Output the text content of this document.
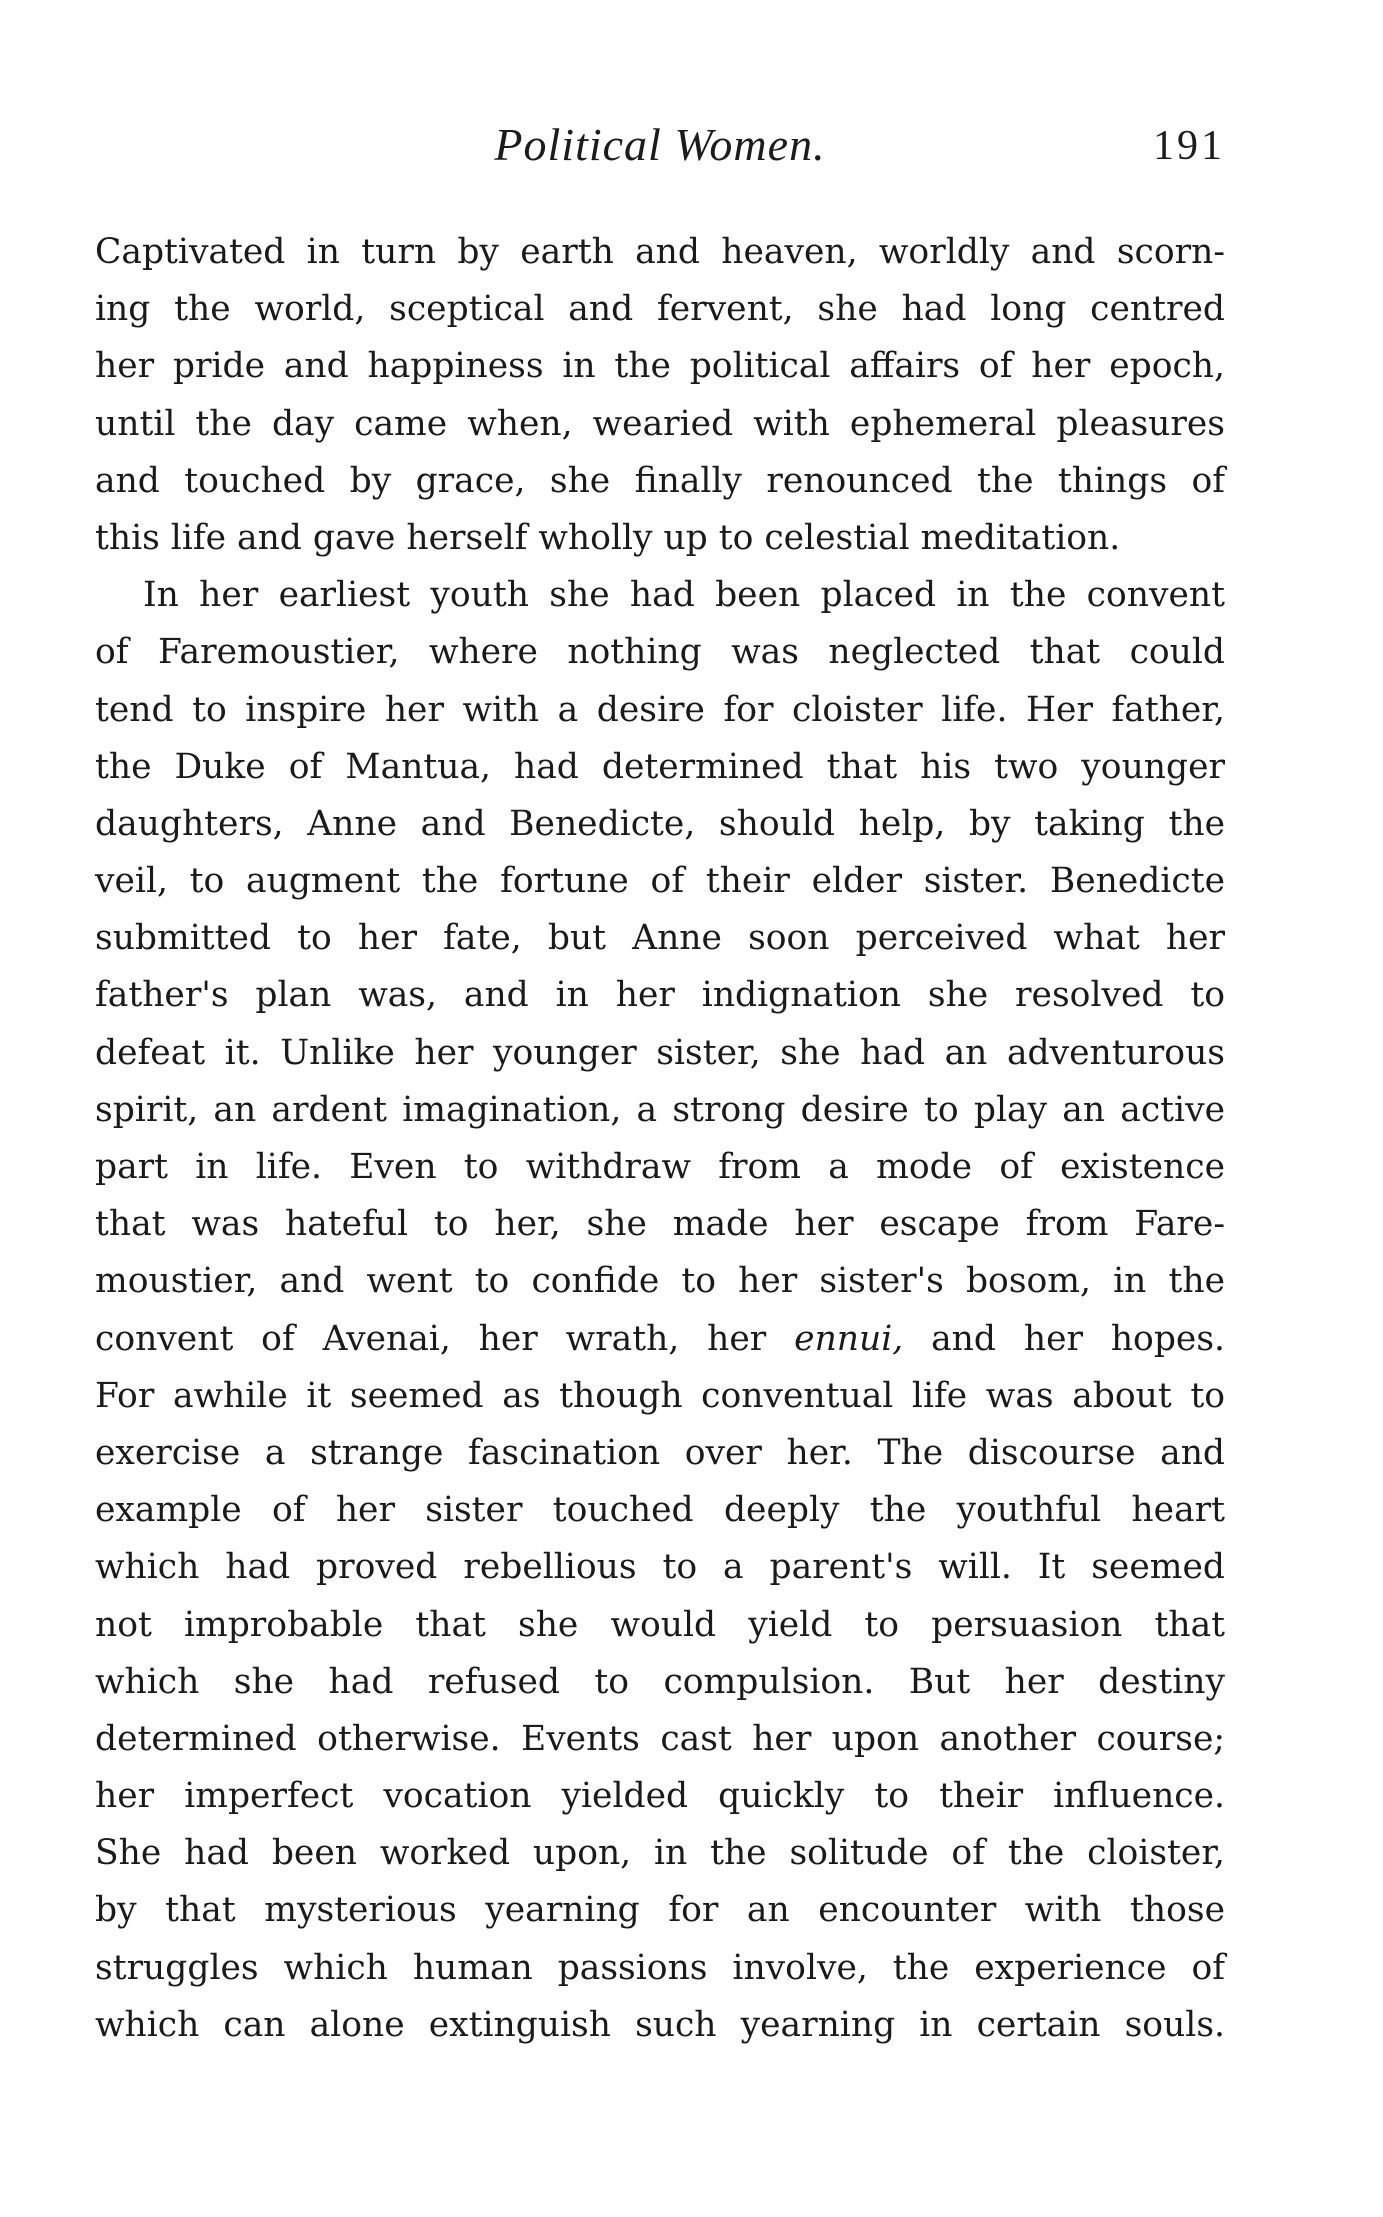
Political Women.	191
Captivated in turn by earth and heaven, worldly and scorn-
ing the world, sceptical and fervent, she had long centred
her pride and happiness in the political affairs of her epoch,
until the day came when, wearied with ephemeral pleasures
and touched by grace, she finally renounced the things of
this life and gave herself wholly up to celestial meditation.
In her earliest youth she had been placed in the convent
of Faremoustier, where nothing was neglected that could
tend to inspire her with a desire for cloister life. Her father,
the Duke of Mantua, had determined that his two younger
daughters, Anne and Benedicte, should help, by taking the
veil, to augment the fortune of their elder sister. Benedicte
submitted to her fate, but Anne soon perceived what her
father's plan was, and in her indignation she resolved to
defeat it. Unlike her younger sister, she had an adventurous
spirit, an ardent imagination, a strong desire to play an active
part in life. Even to withdraw from a mode of existence
that was hateful to her, she made her escape from Fare-
moustier, and went to confide to her sister's bosom, in the
convent of Avenai, her wrath, her ennui, and her hopes.
For awhile it seemed as though conventual life was about to
exercise a strange fascination over her. The discourse and
example of her sister touched deeply the youthful heart
which had proved rebellious to a parent's will. It seemed
not improbable that she would yield to persuasion that
which she had refused to compulsion. But her destiny
determined otherwise. Events cast her upon another course;
her imperfect vocation yielded quickly to their influence.
She had been worked upon, in the solitude of the cloister,
by that mysterious yearning for an encounter with those
struggles which human passions involve, the experience of
which can alone extinguish such yearning in certain souls.
